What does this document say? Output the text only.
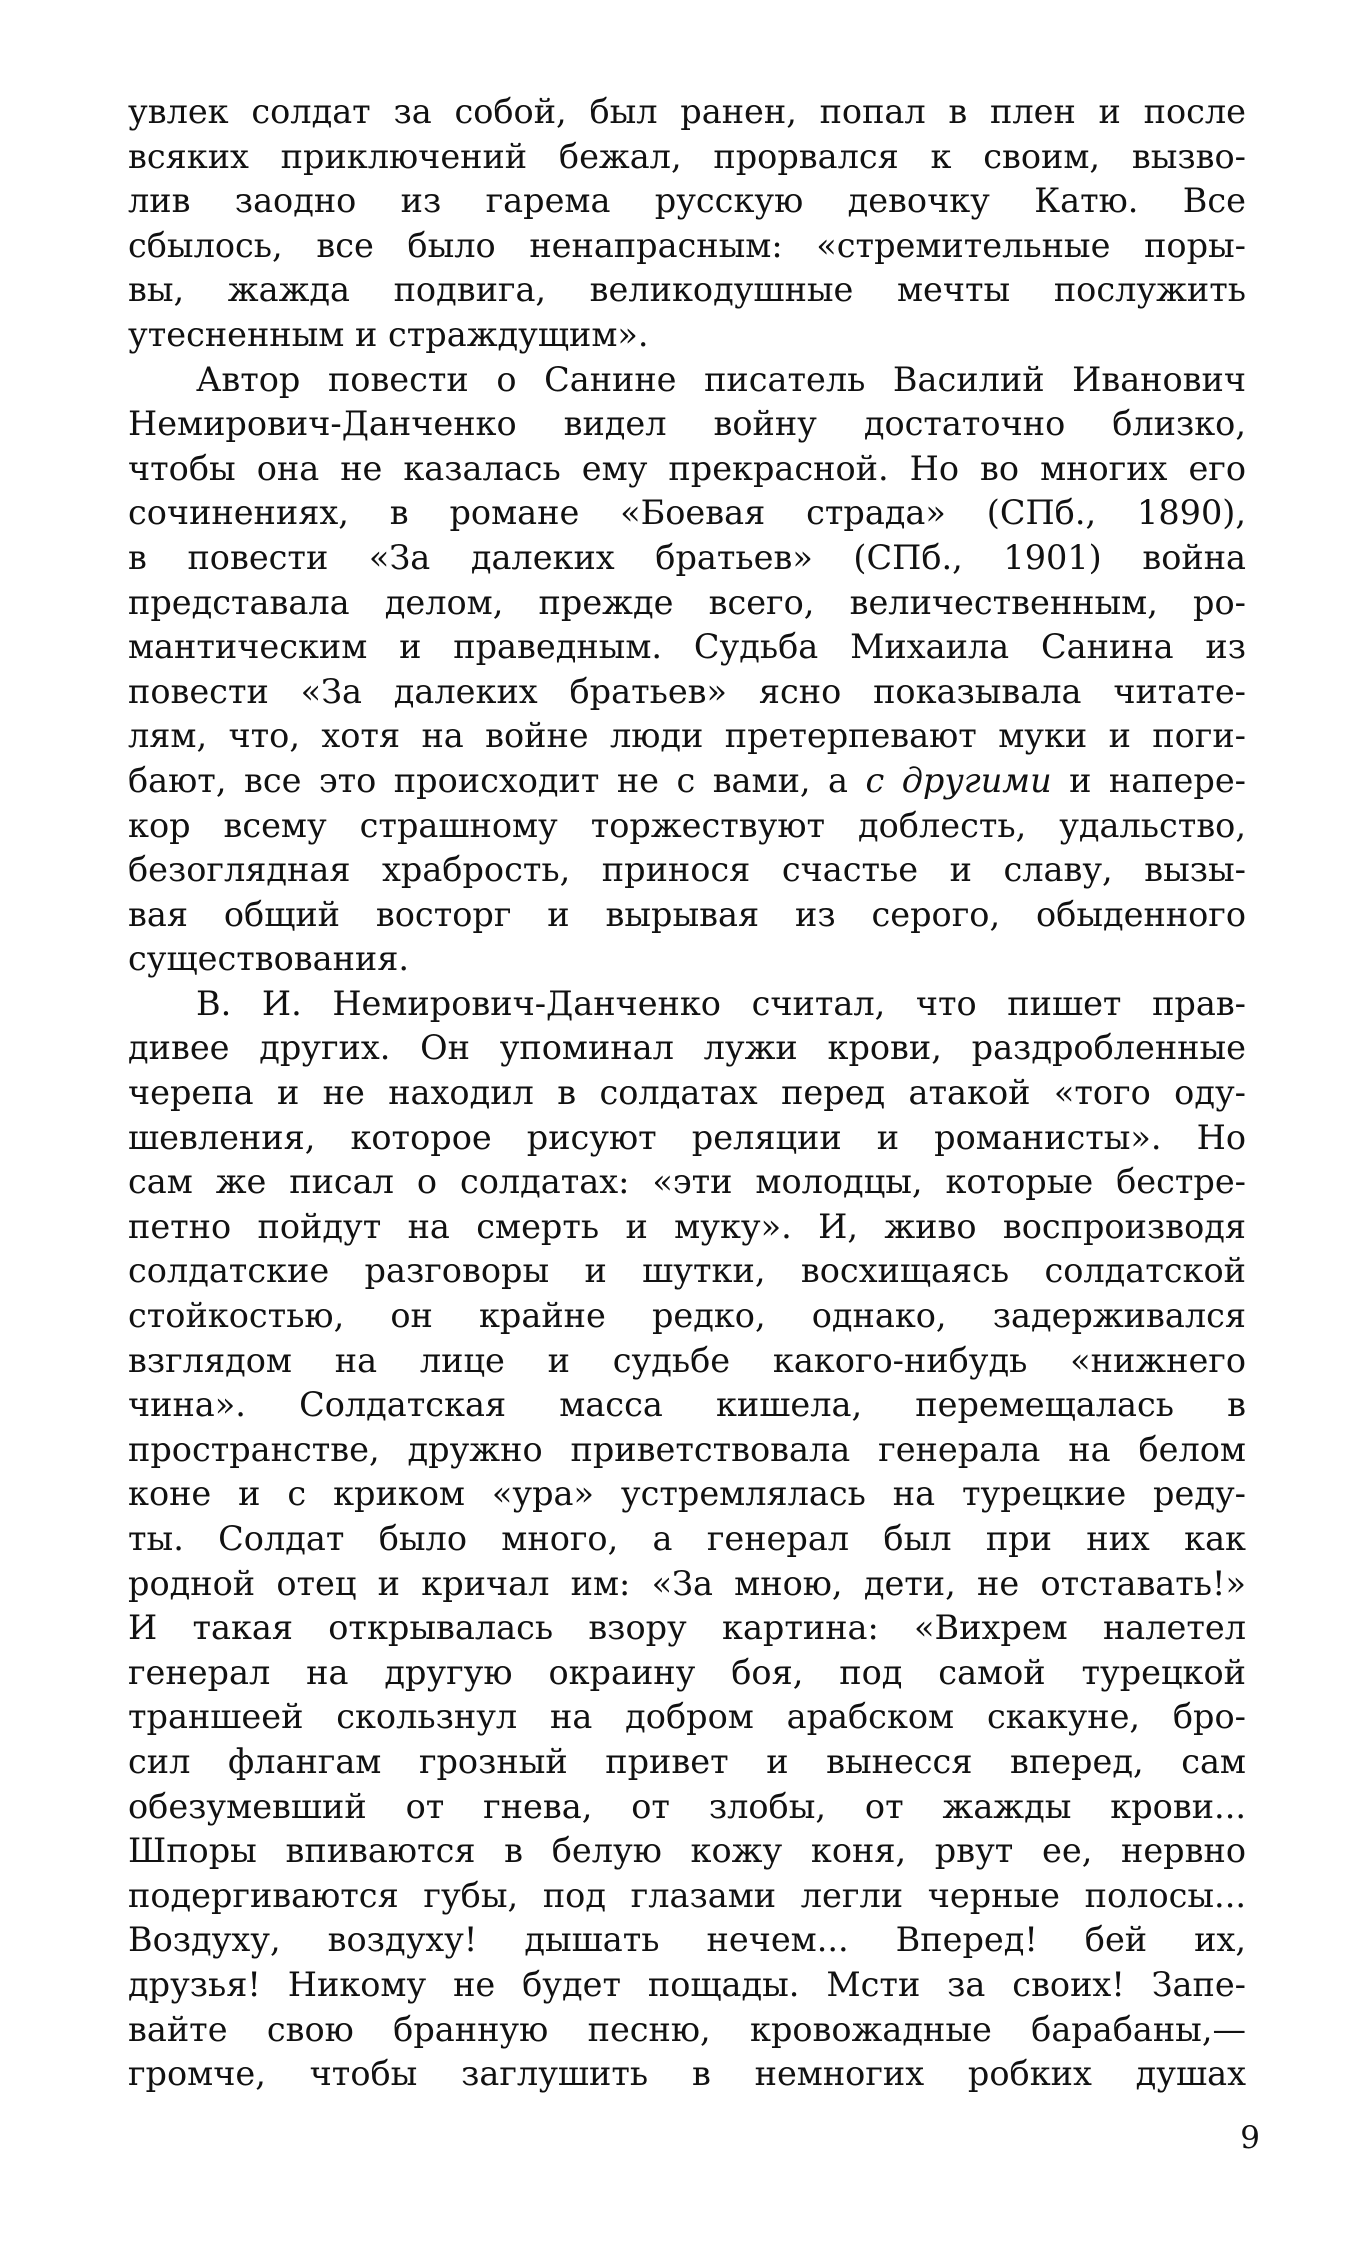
увлек солдат за собой, был ранен, попал в плен и после
всяких приключений бежал, прорвался к своим, вызво-
лив заодно из гарема русскую девочку Катю. Все
сбылось, все было ненапрасным: «стремительные поры-
вы, жажда подвига, великодушные мечты послужить
утесненным и страждущим».
Автор повести о Санине писатель Василий Иванович
Немирович-Данченко видел войну достаточно близко,
чтобы она не казалась ему прекрасной. Но во многих его
сочинениях, в романе «Боевая страда» (СПб., 1890),
в повести «За далеких братьев» (СПб., 1901) война
представала делом, прежде всего, величественным, ро-
мантическим и праведным. Судьба Михаила Санина из
повести «За далеких братьев» ясно показывала читате-
лям, что, хотя на войне люди претерпевают муки и поги-
бают, все это происходит не с вами, а с другими и напере-
кор всему страшному торжествуют доблесть, удальство,
безоглядная храбрость, принося счастье и славу, вызы-
вая общий восторг и вырывая из серого, обыденного
существования.
В. И. Немирович-Данченко считал, что пишет прав-
дивее других. Он упоминал лужи крови, раздробленные
черепа и не находил в солдатах перед атакой «того оду-
шевления, которое рисуют реляции и романисты». Но
сам же писал о солдатах: «эти молодцы, которые бестре-
петно пойдут на смерть и муку». И, живо воспроизводя
солдатские разговоры и шутки, восхищаясь солдатской
стойкостью, он крайне редко, однако, задерживался
взглядом на лице и судьбе какого-нибудь «нижнего
чина». Солдатская масса кишела, перемещалась в
пространстве, дружно приветствовала генерала на белом
коне и с криком «ура» устремлялась на турецкие реду-
ты. Солдат было много, а генерал был при них как
родной отец и кричал им: «За мною, дети, не отставать!»
И такая открывалась взору картина: «Вихрем налетел
генерал на другую окраину боя, под самой турецкой
траншеей скользнул на добром арабском скакуне, бро-
сил флангам грозный привет и вынесся вперед, сам
обезумевший от гнева, от злобы, от жажды крови...
Шпоры впиваются в белую кожу коня, рвут ее, нервно
подергиваются губы, под глазами легли черные полосы...
Воздуху, воздуху! дышать нечем... Вперед! бей их,
друзья! Никому не будет пощады. Мсти за своих! Запе-
вайте свою бранную песню, кровожадные барабаны,—
громче, чтобы заглушить в немногих робких душах
9
